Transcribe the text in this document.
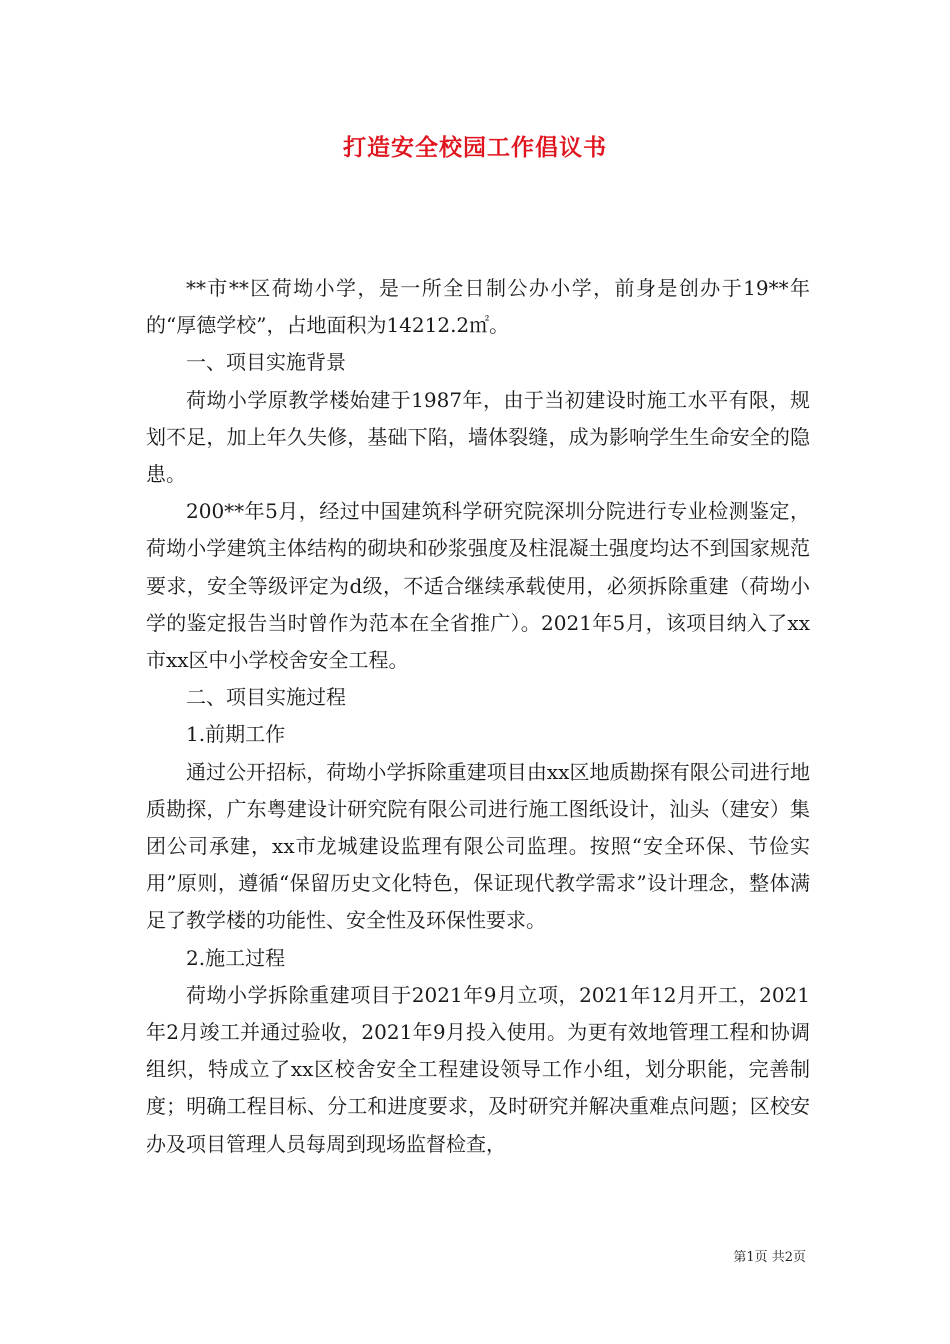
打造安全校园工作倡议书

**市**区荷坳小学，是一所全日制公办小学，前身是创办于19**年的“厚德学校”，占地面积为14212.2㎡。

一、项目实施背景

荷坳小学原教学楼始建于1987年，由于当初建设时施工水平有限，规划不足，加上年久失修，基础下陷，墙体裂缝，成为影响学生生命安全的隐患。

200**年5月，经过中国建筑科学研究院深圳分院进行专业检测鉴定，荷坳小学建筑主体结构的砌块和砂浆强度及柱混凝土强度均达不到国家规范要求，安全等级评定为d级，不适合继续承载使用，必须拆除重建（荷坳小学的鉴定报告当时曾作为范本在全省推广）。2021年5月，该项目纳入了xx市xx区中小学校舍安全工程。

二、项目实施过程

1.前期工作

通过公开招标，荷坳小学拆除重建项目由xx区地质勘探有限公司进行地质勘探，广东粤建设计研究院有限公司进行施工图纸设计，汕头（建安）集团公司承建，xx市龙城建设监理有限公司监理。按照“安全环保、节俭实用”原则，遵循“保留历史文化特色，保证现代教学需求”设计理念，整体满足了教学楼的功能性、安全性及环保性要求。

2.施工过程

荷坳小学拆除重建项目于2021年9月立项，2021年12月开工，2021年2月竣工并通过验收，2021年9月投入使用。为更有效地管理工程和协调组织，特成立了xx区校舍安全工程建设领导工作小组，划分职能，完善制度；明确工程目标、分工和进度要求，及时研究并解决重难点问题；区校安办及项目管理人员每周到现场监督检查，

第1页 共2页
